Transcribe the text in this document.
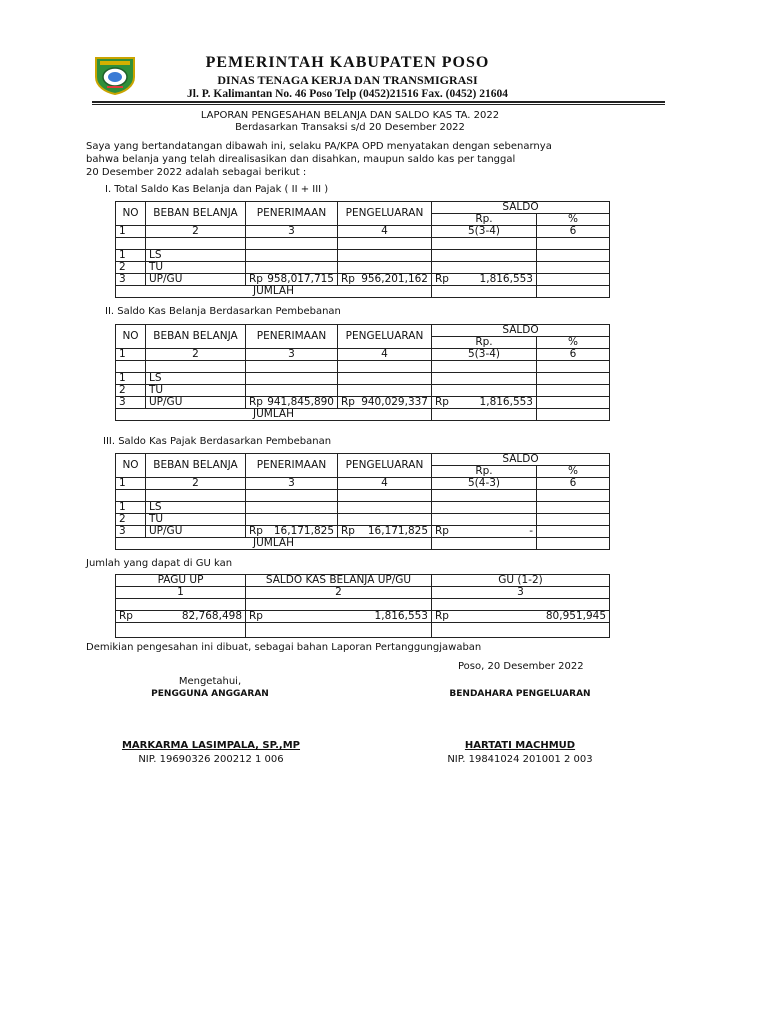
PEMERINTAH KABUPATEN POSO
DINAS TENAGA KERJA DAN TRANSMIGRASI
Jl. P. Kalimantan No. 46 Poso Telp (0452)21516 Fax. (0452) 21604
LAPORAN PENGESAHAN BELANJA DAN SALDO KAS TA. 2022
Berdasarkan Transaksi s/d 20 Desember 2022
Saya yang bertandatangan dibawah ini, selaku PA/KPA OPD menyatakan dengan sebenarnya
bahwa belanja yang telah direalisasikan dan disahkan, maupun saldo kas per tanggal
20 Desember 2022 adalah sebagai berikut :
I. Total Saldo Kas Belanja dan Pajak ( II + III )
NO	BEBAN BELANJA	PENERIMAAN	PENGELUARAN	SALDO	
				Rp.	%
1	2	3	4	5(3-4)	6

1	LS				
2	TU				
3	UP/GU	Rp 958,017,715	Rp 956,201,162	Rp 1,816,553	

JUMLAH					
II. Saldo Kas Belanja Berdasarkan Pembebanan
NO	BEBAN BELANJA	PENERIMAAN	PENGELUARAN	SALDO	
				Rp.	%
1	2	3	4	5(3-4)	6

1	LS				
2	TU				
3	UP/GU	Rp 941,845,890	Rp 940,029,337	Rp 1,816,553	

JUMLAH					
III. Saldo Kas Pajak Berdasarkan Pembebanan
NO	BEBAN BELANJA	PENERIMAAN	PENGELUARAN	SALDO	
				Rp.	%
1	2	3	4	5(4-3)	6

1	LS				
2	TU				
3	UP/GU	Rp 16,171,825	Rp 16,171,825	Rp -	

JUMLAH					
Jumlah yang dapat di GU kan
PAGU UP	SALDO KAS BELANJA UP/GU	GU (1-2)
1	2	3

Rp 82,768,498	Rp 1,816,553	Rp 80,951,945

Demikian pengesahan ini dibuat, sebagai bahan Laporan Pertanggungjawaban
Poso, 20 Desember 2022
Mengetahui,
PENGGUNA ANGGARAN	BENDAHARA PENGELUARAN
MARKARMA LASIMPALA, SP.,MP
NIP. 19690326 200212 1 006
HARTATI MACHMUD
NIP. 19841024 201001 2 003
